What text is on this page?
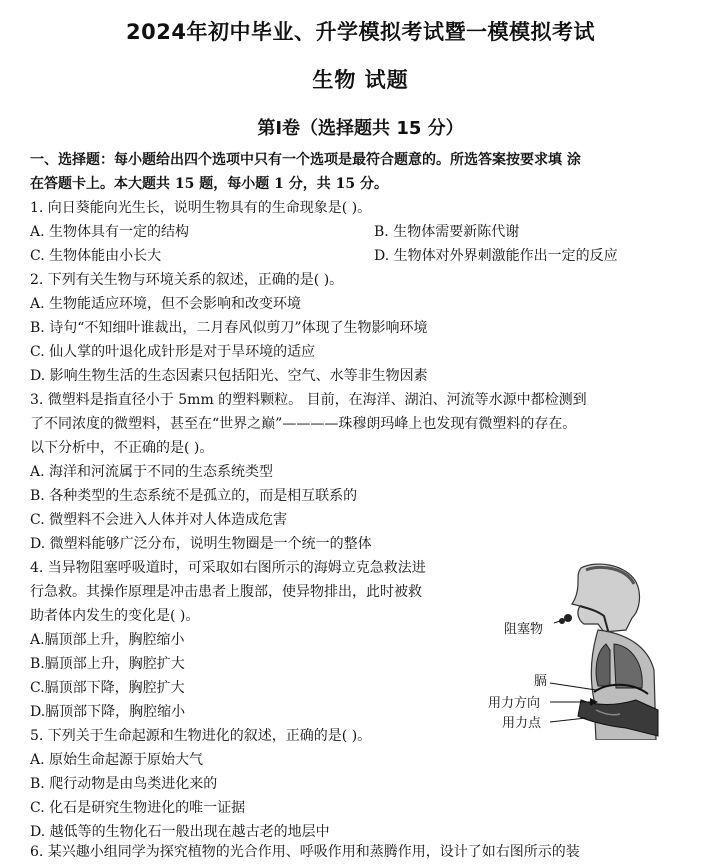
2024年初中毕业、升学模拟考试暨一模模拟考试
生物 试题
第Ⅰ卷（选择题共 15 分）
一、选择题：每小题给出四个选项中只有一个选项是最符合题意的。所选答案按要求填 涂
在答题卡上。本大题共 15 题，每小题 1 分，共 15 分。
1. 向日葵能向光生长，说明生物具有的生命现象是( )。
A. 生物体具有一定的结构	B. 生物体需要新陈代谢
C. 生物体能由小长大	D. 生物体对外界刺激能作出一定的反应
2. 下列有关生物与环境关系的叙述，正确的是( )。
A. 生物能适应环境，但不会影响和改变环境
B. 诗句“不知细叶谁裁出，二月春风似剪刀”体现了生物影响环境
C. 仙人掌的叶退化成针形是对于旱环境的适应
D. 影响生物生活的生态因素只包括阳光、空气、水等非生物因素
3. 微塑料是指直径小于 5mm 的塑料颗粒。 目前，在海洋、湖泊、河流等水源中都检测到
了不同浓度的微塑料，甚至在“世界之巅”————珠穆朗玛峰上也发现有微塑料的存在。
以下分析中，不正确的是( )。
A. 海洋和河流属于不同的生态系统类型
B. 各种类型的生态系统不是孤立的，而是相互联系的
C. 微塑料不会进入人体并对人体造成危害
D. 微塑料能够广泛分布，说明生物圈是一个统一的整体
4. 当异物阻塞呼吸道时，可采取如右图所示的海姆立克急救法进
行急救。其操作原理是冲击患者上腹部，使异物排出，此时被救
助者体内发生的变化是( )。
A.膈顶部上升，胸腔缩小
B.膈顶部上升，胸腔扩大
C.膈顶部下降，胸腔扩大
D.膈顶部下降，胸腔缩小
5. 下列关于生命起源和生物进化的叙述，正确的是( )。
A. 原始生命起源于原始大气
B. 爬行动物是由鸟类进化来的
C. 化石是研究生物进化的唯一证据
D. 越低等的生物化石一般出现在越古老的地层中
6. 某兴趣小组同学为探究植物的光合作用、呼吸作用和蒸腾作用，设计了如右图所示的装
阻塞物
膈
用力方向
用力点
